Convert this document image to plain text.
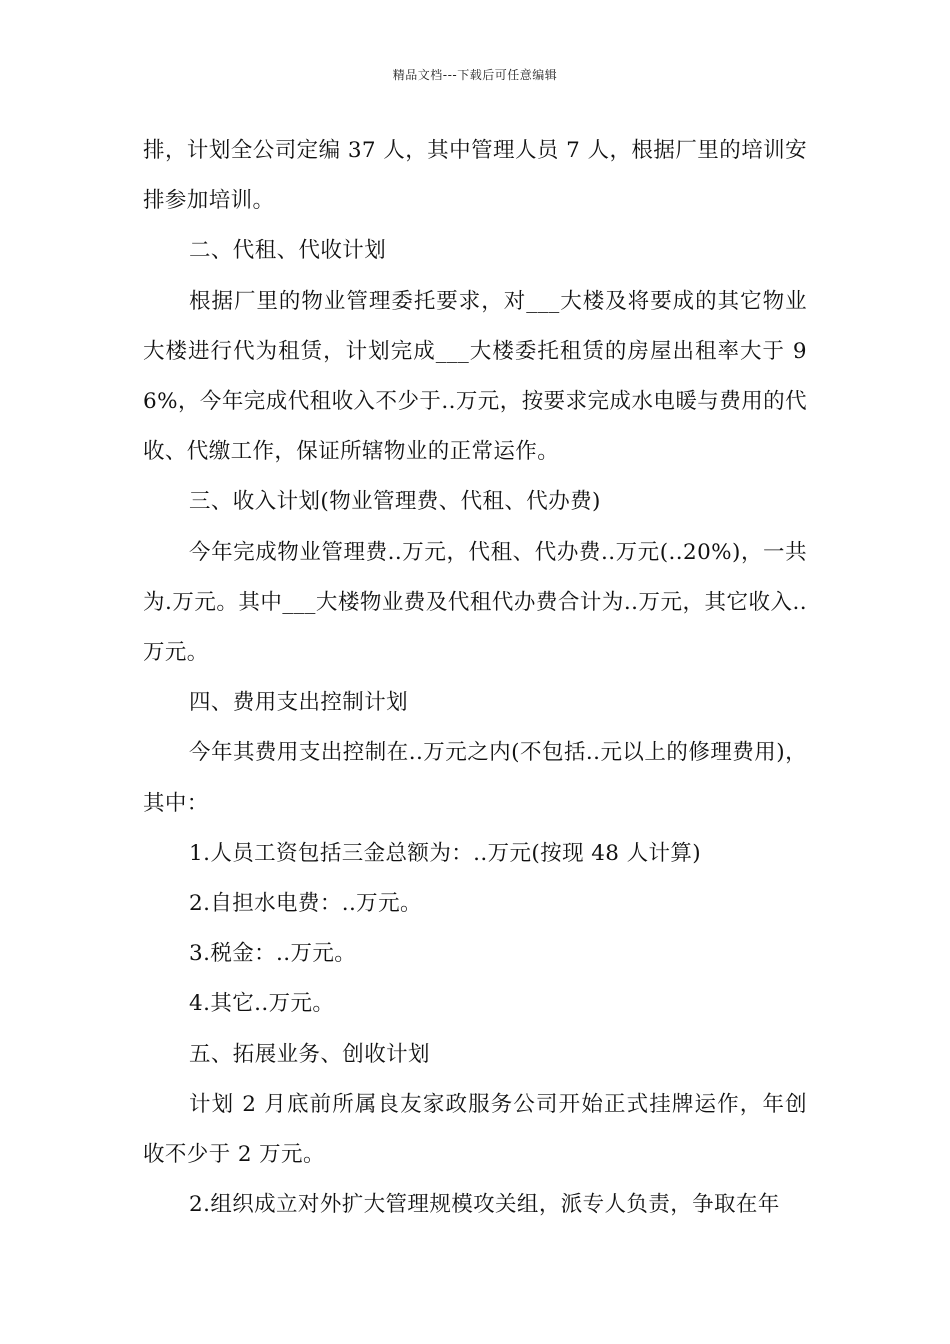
精品文档---下载后可任意编辑

排，计划全公司定编 37 人，其中管理人员 7 人，根据厂里的培训安排参加培训。

二、代租、代收计划

根据厂里的物业管理委托要求，对___大楼及将要成的其它物业大楼进行代为租赁，计划完成___大楼委托租赁的房屋出租率大于 96%，今年完成代租收入不少于..万元，按要求完成水电暖与费用的代收、代缴工作，保证所辖物业的正常运作。

三、收入计划(物业管理费、代租、代办费)

今年完成物业管理费..万元，代租、代办费..万元(..20%)，一共为.万元。其中___大楼物业费及代租代办费合计为..万元，其它收入..万元。

四、费用支出控制计划

今年其费用支出控制在..万元之内(不包括..元以上的修理费用)，其中：

1.人员工资包括三金总额为：..万元(按现 48 人计算)

2.自担水电费：..万元。

3.税金：..万元。

4.其它..万元。

五、拓展业务、创收计划

计划 2 月底前所属良友家政服务公司开始正式挂牌运作，年创收不少于 2 万元。

2.组织成立对外扩大管理规模攻关组，派专人负责，争取在年
